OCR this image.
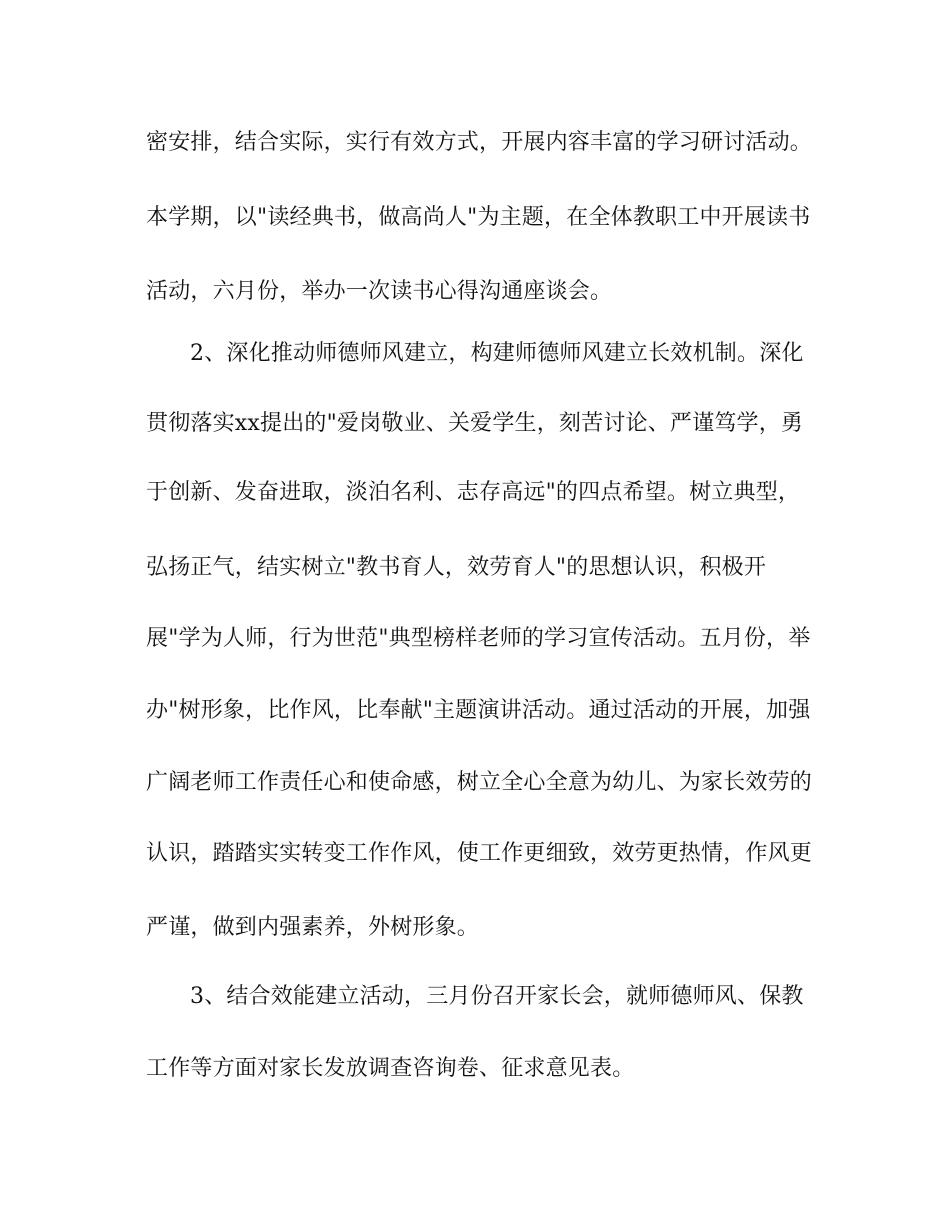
密安排，结合实际，实行有效方式，开展内容丰富的学习研讨活动。
本学期，以"读经典书，做高尚人"为主题，在全体教职工中开展读书
活动，六月份，举办一次读书心得沟通座谈会。
2、深化推动师德师风建立，构建师德师风建立长效机制。深化
贯彻落实xx提出的"爱岗敬业、关爱学生，刻苦讨论、严谨笃学，勇
于创新、发奋进取，淡泊名利、志存高远"的四点希望。树立典型，
弘扬正气，结实树立"教书育人，效劳育人"的思想认识，积极开
展"学为人师，行为世范"典型榜样老师的学习宣传活动。五月份，举
办"树形象，比作风，比奉献"主题演讲活动。通过活动的开展，加强
广阔老师工作责任心和使命感，树立全心全意为幼儿、为家长效劳的
认识，踏踏实实转变工作作风，使工作更细致，效劳更热情，作风更
严谨，做到内强素养，外树形象。
3、结合效能建立活动，三月份召开家长会，就师德师风、保教
工作等方面对家长发放调查咨询卷、征求意见表。
